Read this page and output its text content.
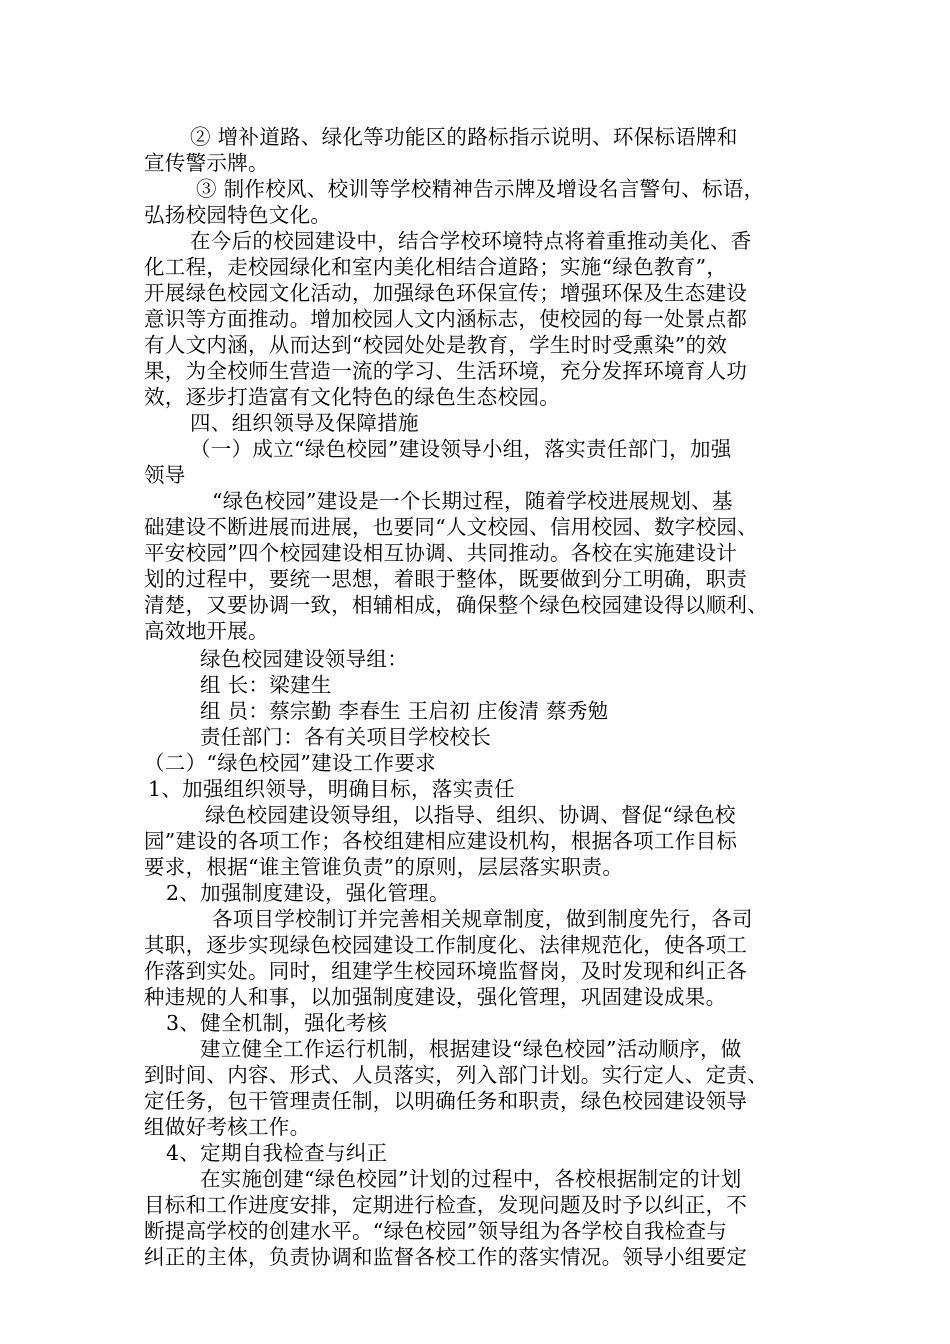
② 增补道路、绿化等功能区的路标指示说明、环保标语牌和

宣传警示牌。

③ 制作校风、校训等学校精神告示牌及增设名言警句、标语，

弘扬校园特色文化。

在今后的校园建设中，结合学校环境特点将着重推动美化、香

化工程，走校园绿化和室内美化相结合道路；实施“绿色教育”，

开展绿色校园文化活动，加强绿色环保宣传；增强环保及生态建设

意识等方面推动。增加校园人文内涵标志，使校园的每一处景点都

有人文内涵，从而达到“校园处处是教育，学生时时受熏染”的效

果，为全校师生营造一流的学习、生活环境，充分发挥环境育人功

效，逐步打造富有文化特色的绿色生态校园。

四、组织领导及保障措施

（一）成立“绿色校园”建设领导小组，落实责任部门，加强

领导

“绿色校园”建设是一个长期过程，随着学校进展规划、基

础建设不断进展而进展，也要同“人文校园、信用校园、数字校园、

平安校园”四个校园建设相互协调、共同推动。各校在实施建设计

划的过程中，要统一思想，着眼于整体，既要做到分工明确，职责

清楚，又要协调一致，相辅相成，确保整个绿色校园建设得以顺利、

高效地开展。

绿色校园建设领导组：

组 长：梁建生

组 员：蔡宗勤 李春生 王启初 庄俊清 蔡秀勉

责任部门：各有关项目学校校长

（二）“绿色校园”建设工作要求

1、加强组织领导，明确目标，落实责任

绿色校园建设领导组，以指导、组织、协调、督促“绿色校

园”建设的各项工作；各校组建相应建设机构，根据各项工作目标

要求，根据“谁主管谁负责”的原则，层层落实职责。

2、加强制度建设，强化管理。

各项目学校制订并完善相关规章制度，做到制度先行，各司

其职，逐步实现绿色校园建设工作制度化、法律规范化，使各项工

作落到实处。同时，组建学生校园环境监督岗，及时发现和纠正各

种违规的人和事，以加强制度建设，强化管理，巩固建设成果。

3、健全机制，强化考核

建立健全工作运行机制，根据建设“绿色校园”活动顺序，做

到时间、内容、形式、人员落实，列入部门计划。实行定人、定责、

定任务，包干管理责任制，以明确任务和职责，绿色校园建设领导

组做好考核工作。

4、定期自我检查与纠正

在实施创建“绿色校园”计划的过程中，各校根据制定的计划

目标和工作进度安排，定期进行检查，发现问题及时予以纠正，不

断提高学校的创建水平。“绿色校园”领导组为各学校自我检查与

纠正的主体，负责协调和监督各校工作的落实情况。领导小组要定
